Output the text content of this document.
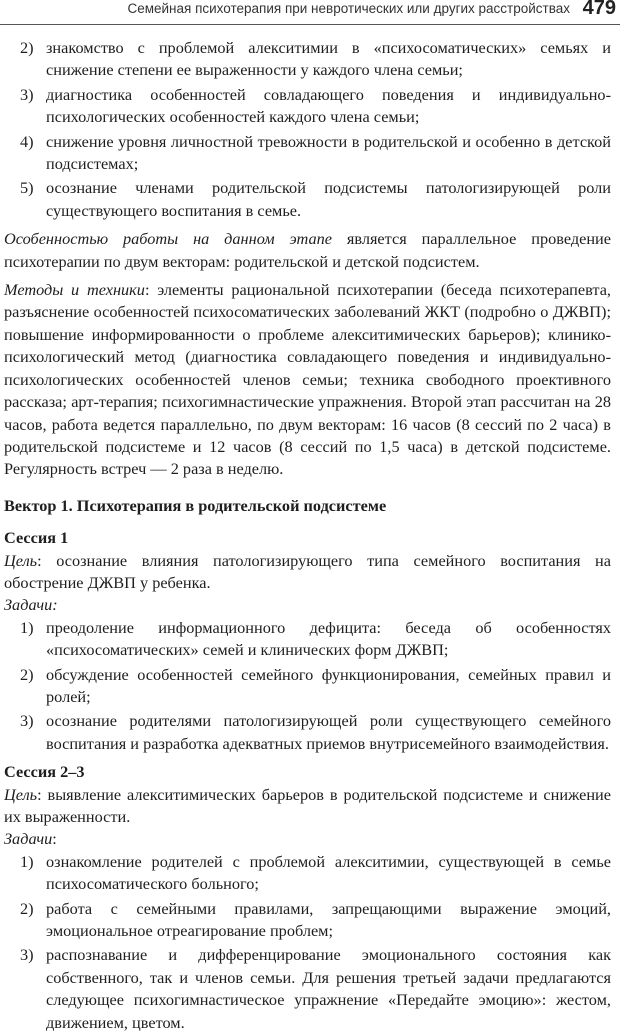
Семейная психотерапия при невротических или других расстройствах 479
2) знакомство с проблемой алекситимии в «психосоматических» семьях и снижение степени ее выраженности у каждого члена семьи;
3) диагностика особенностей совладающего поведения и индивидуально-психологических особенностей каждого члена семьи;
4) снижение уровня личностной тревожности в родительской и особенно в детской подсистемах;
5) осознание членами родительской подсистемы патологизирующей роли существующего воспитания в семье.

Особенностью работы на данном этапе является параллельное проведение психотерапии по двум векторам: родительской и детской подсистем.

Методы и техники: элементы рациональной психотерапии (беседа психотерапевта, разъяснение особенностей психосоматических заболеваний ЖКТ (подробно о ДЖВП); повышение информированности о проблеме алекситимических барьеров); клинико-психологический метод (диагностика совладающего поведения и индивидуально-психологических особенностей членов семьи; техника свободного проективного рассказа; арт-терапия; психогимнастические упражнения. Второй этап рассчитан на 28 часов, работа ведется параллельно, по двум векторам: 16 часов (8 сессий по 2 часа) в родительской подсистеме и 12 часов (8 сессий по 1,5 часа) в детской подсистеме. Регулярность встреч — 2 раза в неделю.

Вектор 1. Психотерапия в родительской подсистеме

Сессия 1

Цель: осознание влияния патологизирующего типа семейного воспитания на обострение ДЖВП у ребенка.

Задачи:

1) преодоление информационного дефицита: беседа об особенностях «психосоматических» семей и клинических форм ДЖВП;
2) обсуждение особенностей семейного функционирования, семейных правил и ролей;
3) осознание родителями патологизирующей роли существующего семейного воспитания и разработка адекватных приемов внутрисемейного взаимодействия.

Сессия 2–3

Цель: выявление алекситимических барьеров в родительской подсистеме и снижение их выраженности.

Задачи:

1) ознакомление родителей с проблемой алекситимии, существующей в семье психосоматического больного;
2) работа с семейными правилами, запрещающими выражение эмоций, эмоциональное отреагирование проблем;
3) распознавание и дифференцирование эмоционального состояния как собственного, так и членов семьи. Для решения третьей задачи предлагаются следующее психогимнастическое упражнение «Передайте эмоцию»: жестом, движением, цветом.
